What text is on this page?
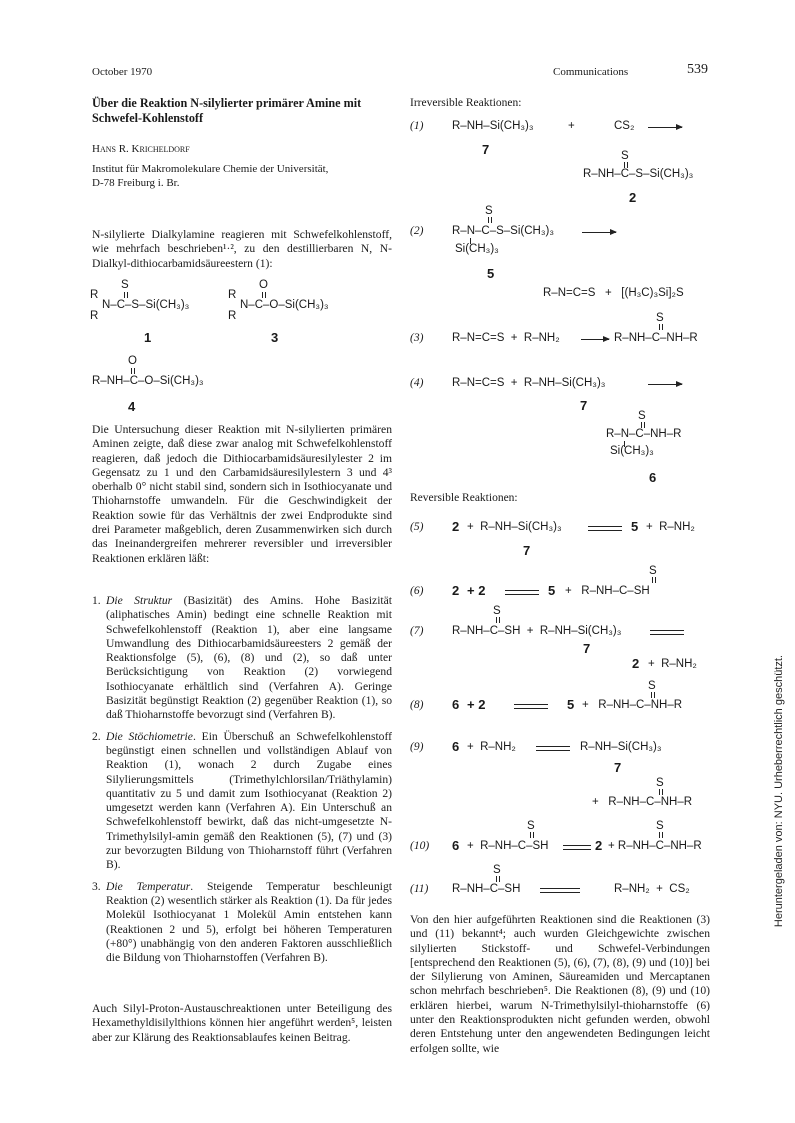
October 1970	Communications	539
Über die Reaktion N-silylierter primärer Amine mit Schwefel-Kohlenstoff
Hans R. Kricheldorf
Institut für Makromolekulare Chemie der Universität,
D-78 Freiburg i. Br.
N-silylierte Dialkylamine reagieren mit Schwefelkohlenstoff, wie mehrfach beschrieben¹·², zu den destillierbaren N, N-Dialkyl-dithiocarbamidsäureestern (1):
S
R
N–C–S–Si(CH₃)₃
R
1
O
R
N–C–O–Si(CH₃)₃
R
3
O
R–NH–C–O–Si(CH₃)₃
4
Die Untersuchung dieser Reaktion mit N-silylierten primären Aminen zeigte, daß diese zwar analog mit Schwefelkohlenstoff reagieren, daß jedoch die Dithiocarbamidsäuresilylester 2 im Gegensatz zu 1 und den Carbamidsäuresilylestern 3 und 4³ oberhalb 0° nicht stabil sind, sondern sich in Isothiocyanate und Thioharnstoffe umwandeln. Für die Geschwindigkeit der Reaktion sowie für das Verhältnis der zwei Endprodukte sind drei Parameter maßgeblich, deren Zusammenwirken sich durch das Ineinandergreifen mehrerer reversibler und irreversibler Reaktionen erklären läßt:
1. Die Struktur (Basizität) des Amins. Hohe Basizität (aliphatisches Amin) bedingt eine schnelle Reaktion mit Schwefelkohlenstoff (Reaktion 1), aber eine langsame Umwandlung des Dithiocarbamidsäureesters 2 gemäß der Reaktionsfolge (5), (6), (8) und (2), so daß unter Berücksichtigung von Reaktion (2) vorwiegend Isothiocyanate erhältlich sind (Verfahren A). Geringe Basizität begünstigt Reaktion (2) gegenüber Reaktion (1), so daß Thioharnstoffe bevorzugt sind (Verfahren B).
2. Die Stöchiometrie. Ein Überschuß an Schwefelkohlenstoff begünstigt einen schnellen und vollständigen Ablauf von Reaktion (1), wonach 2 durch Zugabe eines Silylierungsmittels (Trimethylchlorsilan/Triäthylamin) quantitativ zu 5 und damit zum Isothiocyanat (Reaktion 2) umgesetzt werden kann (Verfahren A). Ein Unterschuß an Schwefelkohlenstoff bewirkt, daß das nicht-umgesetzte N-Trimethylsilyl-amin gemäß den Reaktionen (5), (7) und (3) zur bevorzugten Bildung von Thioharnstoff führt (Verfahren B).
3. Die Temperatur. Steigende Temperatur beschleunigt Reaktion (2) wesentlich stärker als Reaktion (1). Da für jedes Molekül Isothiocyanat 1 Molekül Amin entstehen kann (Reaktionen 2 und 5), erfolgt bei höheren Temperaturen (+80°) unabhängig von den anderen Faktoren ausschließlich die Bildung von Thioharnstoffen (Verfahren B).
Auch Silyl-Proton-Austauschreaktionen unter Beteiligung des Hexamethyldisilylthions können hier angeführt werden⁵, leisten aber zur Klärung des Reaktionsablaufes keinen Beitrag.
Irreversible Reaktionen:
(1) R–NH–Si(CH₃)₃	+	CS₂ →
7	S
R–NH–C–S–Si(CH₃)₃
2
S
(2) R–N–C–S–Si(CH₃)₃
Si(CH₃)₃
5
R–N=C=S   +   [(H₃C)₃Si]₂S
S
(3) R–N=C=S  +  R–NH₂ → R–NH–C–NH–R
(4) R–N=C=S  +  R–NH–Si(CH₃)₃
7
S
R–N–C–NH–R
Si(CH₃)₃
6
Reversible Reaktionen:
(5) 2 +  R–NH–Si(CH₃)₃	5 +  R–NH₂
7
S
(6) 2 + 2	5 +   R–NH–C–SH
S
(7) R–NH–C–SH  +  R–NH–Si(CH₃)₃
7
2 +  R–NH₂
S
(8) 6 + 2	5 +   R–NH–C–NH–R
(9) 6 +  R–NH₂	R–NH–Si(CH₃)₃
7
S
+   R–NH–C–NH–R
S	S
(10) 6 +  R–NH–C–SH	2 + R–NH–C–NH–R
S
(11) R–NH–C–SH	R–NH₂  +  CS₂
Von den hier aufgeführten Reaktionen sind die Reaktionen (3) und (11) bekannt⁴; auch wurden Gleichgewichte zwischen silylierten Stickstoff- und Schwefel-Verbindungen [entsprechend den Reaktionen (5), (6), (7), (8), (9) und (10)] bei der Silylierung von Aminen, Säureamiden und Mercaptanen schon mehrfach beschrieben⁵. Die Reaktionen (8), (9) und (10) erklären hierbei, warum N-Trimethylsilyl-thioharnstoffe (6) unter den Reaktionsprodukten nicht gefunden werden, obwohl deren Entstehung unter den angewendeten Bedingungen leicht erfolgen sollte, wie
Heruntergeladen von: NYU. Urheberrechtlich geschützt.
